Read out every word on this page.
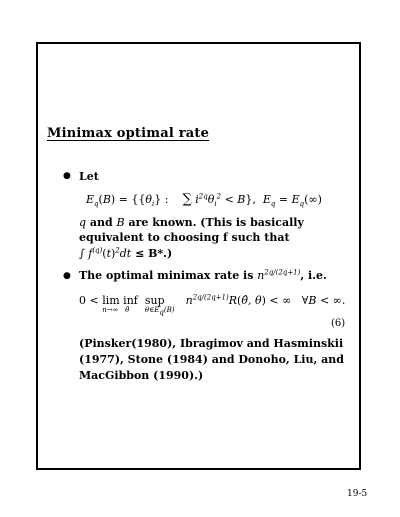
Minimax optimal rate
● Let
$E_q(B) = \{\{\theta_i\}$ : ∑ $i^{2q}\theta_i^2 < B$},  $E_q = E_q(\infty)$
q and B are known. (This is basically
equivalent to choosing f such that
∫ $f^{(q)}(t)^2dt \le B*$.)
● The optimal minimax rate is $n^{2q/(2q+1)}$, i.e.
0 < lim inf
n→∞   θ̂
sup
$\theta\in E_q(B)$
$n^{2q/(2q+1)}R(\thetâ$, θ) < ∞   ∀B < ∞.
(6)
(Pinsker(1980), Ibragimov and Hasminskii
(1977), Stone (1984) and Donoho, Liu, and
MacGibbon (1990).)
19-5
